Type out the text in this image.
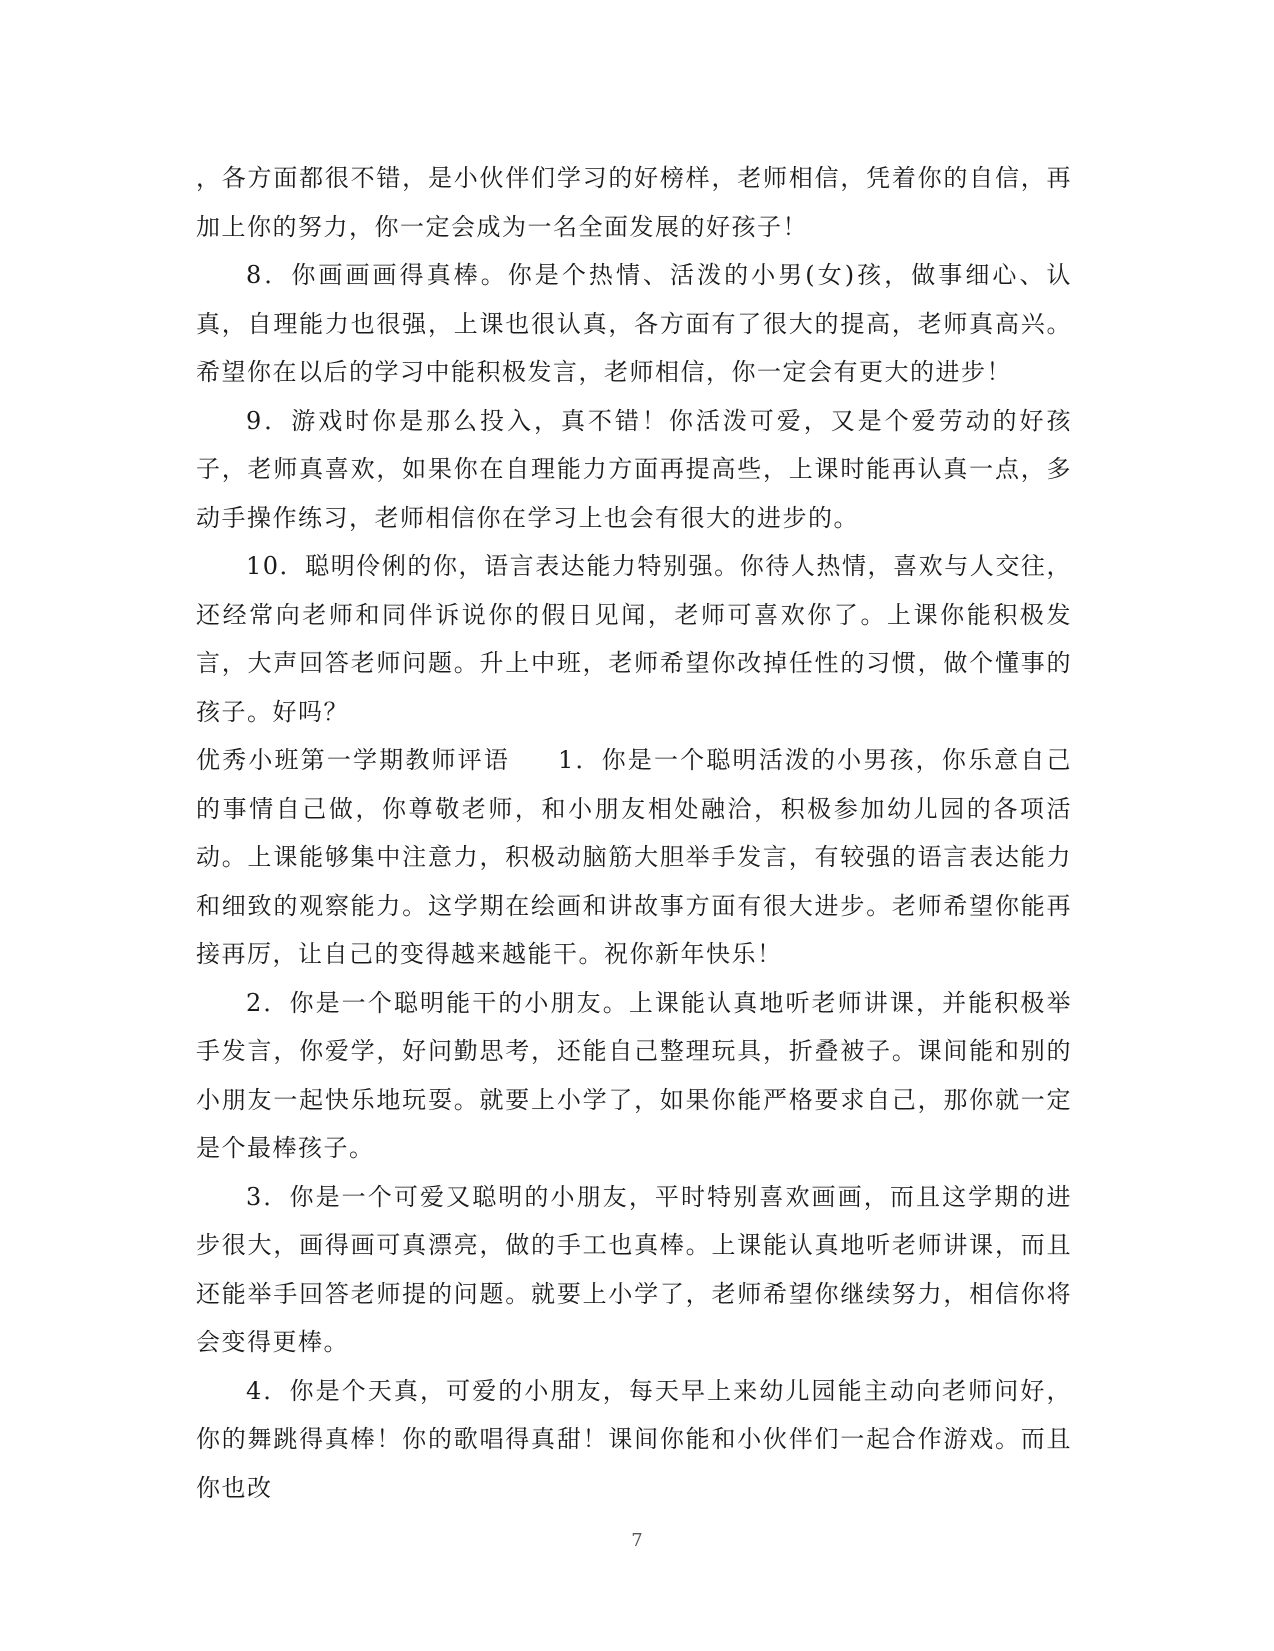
，各方面都很不错，是小伙伴们学习的好榜样，老师相信，凭着你的自信，再加上你的努力，你一定会成为一名全面发展的好孩子！

8．你画画画得真棒。你是个热情、活泼的小男(女)孩，做事细心、认真，自理能力也很强，上课也很认真，各方面有了很大的提高，老师真高兴。希望你在以后的学习中能积极发言，老师相信，你一定会有更大的进步！

9．游戏时你是那么投入，真不错！你活泼可爱，又是个爱劳动的好孩子，老师真喜欢，如果你在自理能力方面再提高些，上课时能再认真一点，多动手操作练习，老师相信你在学习上也会有很大的进步的。

10．聪明伶俐的你，语言表达能力特别强。你待人热情，喜欢与人交往，还经常向老师和同伴诉说你的假日见闻，老师可喜欢你了。上课你能积极发言，大声回答老师问题。升上中班，老师希望你改掉任性的习惯，做个懂事的孩子。好吗？

优秀小班第一学期教师评语 1．你是一个聪明活泼的小男孩，你乐意自己的事情自己做，你尊敬老师，和小朋友相处融洽，积极参加幼儿园的各项活动。上课能够集中注意力，积极动脑筋大胆举手发言，有较强的语言表达能力和细致的观察能力。这学期在绘画和讲故事方面有很大进步。老师希望你能再接再厉，让自己的变得越来越能干。祝你新年快乐！

2．你是一个聪明能干的小朋友。上课能认真地听老师讲课，并能积极举手发言，你爱学，好问勤思考，还能自己整理玩具，折叠被子。课间能和别的小朋友一起快乐地玩耍。就要上小学了，如果你能严格要求自己，那你就一定是个最棒孩子。

3．你是一个可爱又聪明的小朋友，平时特别喜欢画画，而且这学期的进步很大，画得画可真漂亮，做的手工也真棒。上课能认真地听老师讲课，而且还能举手回答老师提的问题。就要上小学了，老师希望你继续努力，相信你将会变得更棒。

4．你是个天真，可爱的小朋友，每天早上来幼儿园能主动向老师问好，你的舞跳得真棒！你的歌唱得真甜！课间你能和小伙伴们一起合作游戏。而且你也改

7
